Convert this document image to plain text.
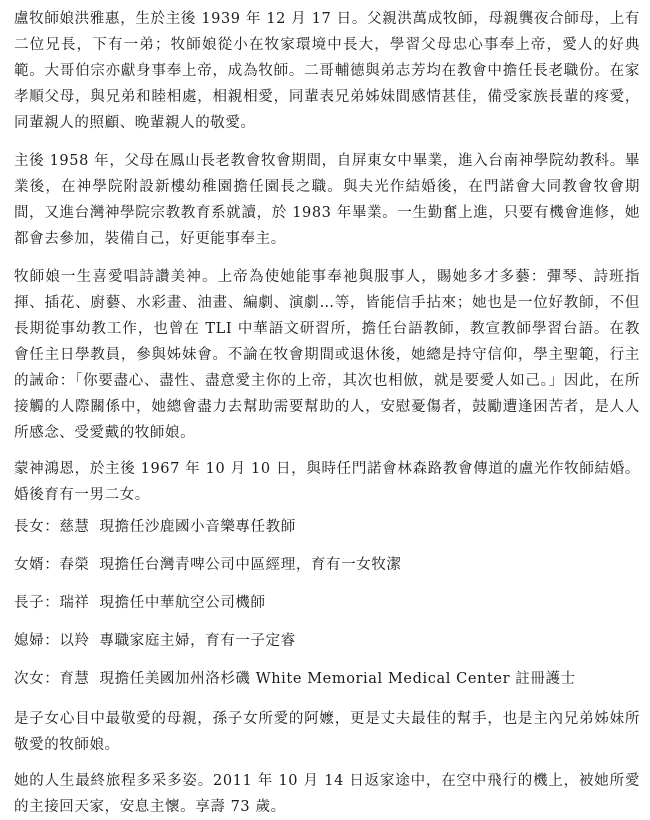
盧牧師娘洪雅惠，生於主後 1939 年 12 月 17 日。父親洪萬成牧師，母親龔夜合師母，上有二位兄長，下有一弟；牧師娘從小在牧家環境中長大，學習父母忠心事奉上帝，愛人的好典範。大哥伯宗亦獻身事奉上帝，成為牧師。二哥輔德與弟志芳均在教會中擔任長老職份。在家孝順父母，與兄弟和睦相處，相親相愛，同輩表兄弟姊妹間感情甚佳，備受家族長輩的疼愛，同輩親人的照顧、晚輩親人的敬愛。

主後 1958 年，父母在鳳山長老教會牧會期間，自屏東女中畢業，進入台南神學院幼教科。畢業後，在神學院附設新樓幼稚園擔任園長之職。與夫光作結婚後，在門諾會大同教會牧會期間，又進台灣神學院宗教教育系就讀，於 1983 年畢業。一生勤奮上進，只要有機會進修，她都會去參加，裝備自己，好更能事奉主。

牧師娘一生喜愛唱詩讚美神。上帝為使她能事奉祂與服事人，賜她多才多藝：彈琴、詩班指揮、插花、廚藝、水彩畫、油畫、編劇、演劇…等，皆能信手拈來；她也是一位好教師，不但長期從事幼教工作，也曾在 TLI 中華語文研習所，擔任台語教師，教宣教師學習台語。在教會任主日學教員，參與姊妹會。不論在牧會期間或退休後，她總是持守信仰，學主聖範，行主的誡命：「你要盡心、盡性、盡意愛主你的上帝，其次也相倣，就是要愛人如己。」因此，在所接觸的人際關係中，她總會盡力去幫助需要幫助的人，安慰憂傷者，鼓勵遭逢困苦者，是人人所感念、受愛戴的牧師娘。

蒙神鴻恩，於主後 1967 年 10 月 10 日，與時任門諾會林森路教會傳道的盧光作牧師結婚。婚後育有一男二女。

長女：慈慧 現擔任沙鹿國小音樂專任教師
女婿：春榮 現擔任台灣青啤公司中區經理，育有一女牧潔
長子：瑞祥 現擔任中華航空公司機師
媳婦：以羚 專職家庭主婦，育有一子定睿
次女：育慧 現擔任美國加州洛杉磯 White Memorial Medical Center 註冊護士

是子女心目中最敬愛的母親，孫子女所愛的阿嬤，更是丈夫最佳的幫手，也是主內兄弟姊妹所敬愛的牧師娘。

她的人生最終旅程多采多姿。2011 年 10 月 14 日返家途中，在空中飛行的機上，被她所愛的主接回天家，安息主懷。享壽 73 歲。
